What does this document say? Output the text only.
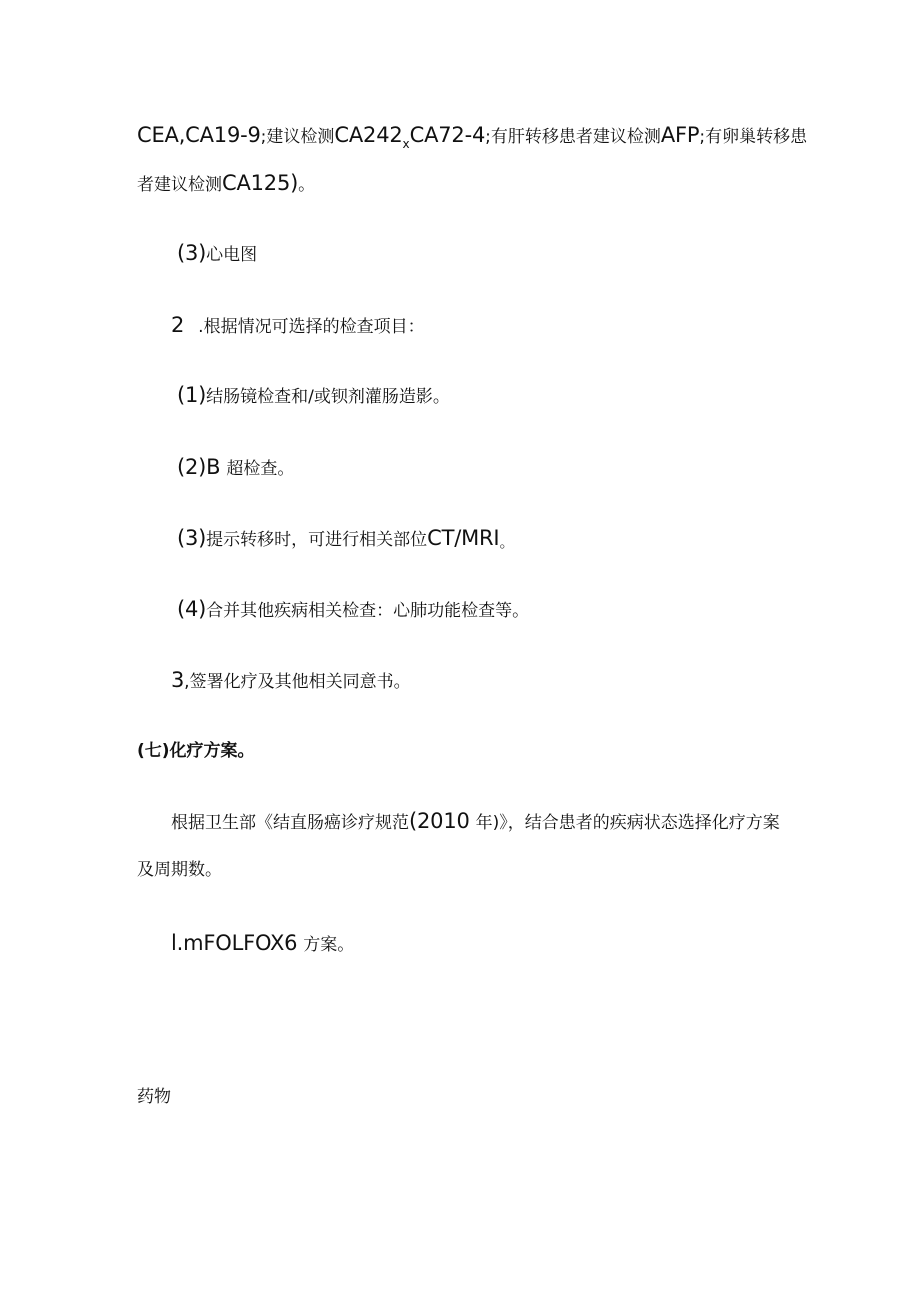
CEA,CA19-9;建议检测$CA242_xCA72-4$;有肝转移患者建议检测AFP;有卵巢转移患
者建议检测CA125)。
(3)心电图
2 .根据情况可选择的检查项目：
(1)结肠镜检查和/或钡剂灌肠造影。
(2)B 超检查。
(3)提示转移时，可进行相关部位CT/MRI。
(4)合并其他疾病相关检查：心肺功能检查等。
3,签署化疗及其他相关同意书。
(七)化疗方案。
根据卫生部《结直肠癌诊疗规范(2010 年)》，结合患者的疾病状态选择化疗方案
及周期数。
l.mFOLFOX6 方案。
药物
